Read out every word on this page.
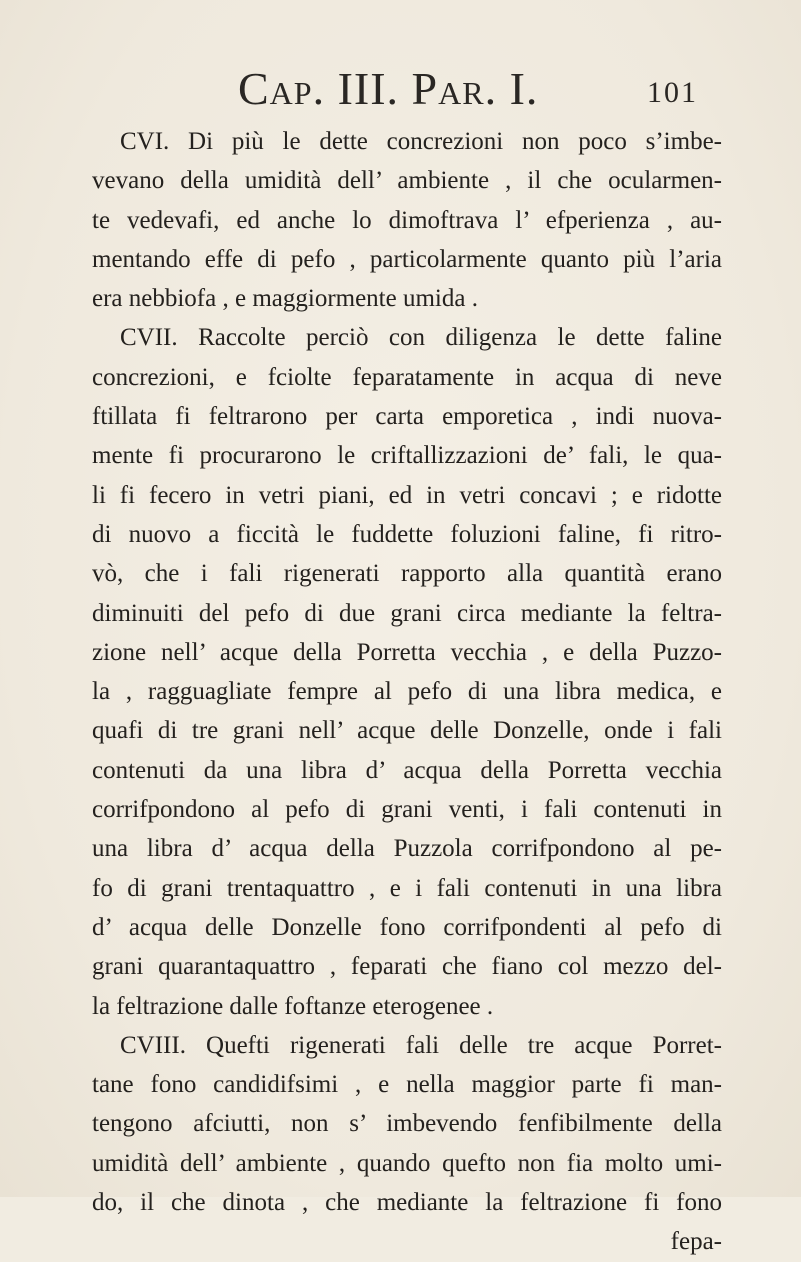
Cap. III. Par. I.	101
CVI. Di più le dette concrezioni non poco s’imbe-
vevano della umidità dell’ ambiente , il che ocularmen-
te vedevafi, ed anche lo dimoftrava l’ efperienza , au-
mentando effe di pefo , particolarmente quanto più l’aria
era nebbiofa , e maggiormente umida .
CVII. Raccolte perciò con diligenza le dette faline
concrezioni, e fciolte feparatamente in acqua di neve
ftillata fi feltrarono per carta emporetica , indi nuova-
mente fi procurarono le criftallizzazioni de’ fali, le qua-
li fi fecero in vetri piani, ed in vetri concavi ; e ridotte
di nuovo a ficcità le fuddette foluzioni faline, fi ritro-
vò, che i fali rigenerati rapporto alla quantità erano
diminuiti del pefo di due grani circa mediante la feltra-
zione nell’ acque della Porretta vecchia , e della Puzzo-
la , ragguagliate fempre al pefo di una libra medica, e
quafi di tre grani nell’ acque delle Donzelle, onde i fali
contenuti da una libra d’ acqua della Porretta vecchia
corrifpondono al pefo di grani venti, i fali contenuti in
una libra d’ acqua della Puzzola corrifpondono al pe-
fo di grani trentaquattro , e i fali contenuti in una libra
d’ acqua delle Donzelle fono corrifpondenti al pefo di
grani quarantaquattro , feparati che fiano col mezzo del-
la feltrazione dalle foftanze eterogenee .
CVIII. Quefti rigenerati fali delle tre acque Porret-
tane fono candidifsimi , e nella maggior parte fi man-
tengono afciutti, non s’ imbevendo fenfibilmente della
umidità dell’ ambiente , quando quefto non fia molto umi-
do, il che dinota , che mediante la feltrazione fi fono
fepa-
